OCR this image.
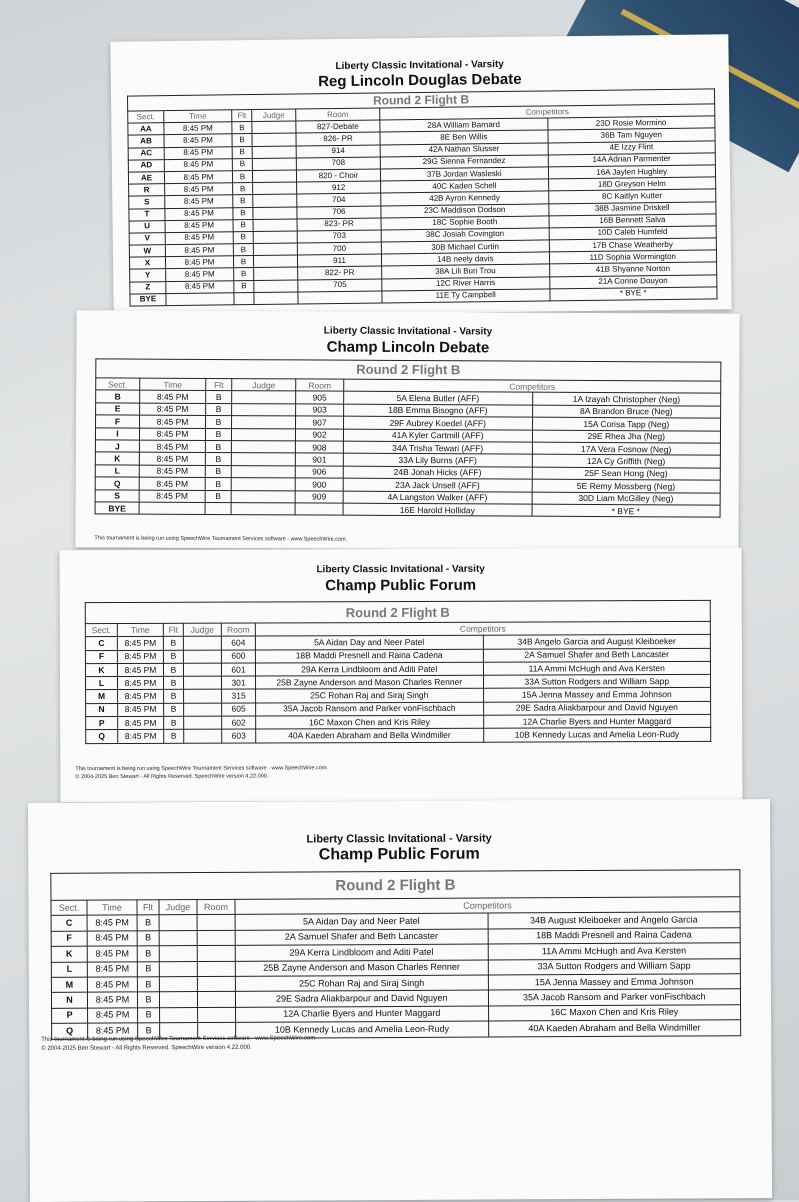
Liberty Classic Invitational - Varsity
Reg Lincoln Douglas Debate
Round 2 Flight B						
Sect.	Time	Flt	Judge	Room	Competitors	
AA	8:45 PM	B		827-Debate	28A William Barnard	23D Rosie Mormino
AB	8:45 PM	B		826- PR	8E Ben Willis	36B Tam Nguyen
AC	8:45 PM	B		914	42A Nathan Slusser	4E Izzy Flint
AD	8:45 PM	B		708	29G Sienna Fernandez	14A Adrian Parmenter
AE	8:45 PM	B		820 - Choir	37B Jordan Wasleski	16A Jaylen Hughley
R	8:45 PM	B		912	40C Kaden Schell	18D Greyson Helm
S	8:45 PM	B		704	42B Ayron Kennedy	8C Kaitlyn Kutter
T	8:45 PM	B		706	23C Maddison Dodson	38B Jasmine Driskell
U	8:45 PM	B		823- PR	18C Sophie Booth	16B Bennett Salva
V	8:45 PM	B		703	38C Josiah Covington	10D Caleb Humfeld
W	8:45 PM	B		700	30B Michael Curtin	17B Chase Weatherby
X	8:45 PM	B		911	14B neely davis	11D Sophia Wormington
Y	8:45 PM	B		822- PR	38A Lili Buri Trou	41B Shyanne Norton
Z	8:45 PM	B		705	12C River Harris	21A Corine Douyon
BYE					11E Ty Campbell	* BYE *
Liberty Classic Invitational - Varsity
Champ Lincoln Debate
Round 2 Flight B						
Sect.	Time	Flt	Judge	Room	Competitors	
B	8:45 PM	B		905	5A Elena Butler (AFF)	1A Izayah Christopher (Neg)
E	8:45 PM	B		903	18B Emma Bisogno (AFF)	8A Brandon Bruce (Neg)
F	8:45 PM	B		907	29F Aubrey Koedel (AFF)	15A Corisa Tapp (Neg)
I	8:45 PM	B		902	41A Kyler Cartmill (AFF)	29E Rhea Jha (Neg)
J	8:45 PM	B		908	34A Trisha Tewari (AFF)	17A Vera Fosnow (Neg)
K	8:45 PM	B		901	33A Lily Burns (AFF)	12A Cy Griffith (Neg)
L	8:45 PM	B		906	24B Jonah Hicks (AFF)	25F Sean Hong (Neg)
Q	8:45 PM	B		900	23A Jack Unsell (AFF)	5E Remy Mossberg (Neg)
S	8:45 PM	B		909	4A Langston Walker (AFF)	30D Liam McGilley (Neg)
BYE					16E Harold Holliday	* BYE *
This tournament is being run using SpeechWire Tournament Services software - www.SpeechWire.com.
Liberty Classic Invitational - Varsity
Champ Public Forum
Round 2 Flight B						
Sect.	Time	Flt	Judge	Room	Competitors	
C	8:45 PM	B		604	5A Aidan Day and Neer Patel	34B Angelo Garcia and August Kleiboeker
F	8:45 PM	B		600	18B Maddi Presnell and Raina Cadena	2A Samuel Shafer and Beth Lancaster
K	8:45 PM	B		601	29A Kerra Lindbloom and Aditi Patel	11A Ammi McHugh and Ava Kersten
L	8:45 PM	B		301	25B Zayne Anderson and Mason Charles Renner	33A Sutton Rodgers and William Sapp
M	8:45 PM	B		315	25C Rohan Raj and Siraj Singh	15A Jenna Massey and Emma Johnson
N	8:45 PM	B		605	35A Jacob Ransom and Parker vonFischbach	29E Sadra Aliakbarpour and David Nguyen
P	8:45 PM	B		602	16C Maxon Chen and Kris Riley	12A Charlie Byers and Hunter Maggard
Q	8:45 PM	B		603	40A Kaeden Abraham and Bella Windmiller	10B Kennedy Lucas and Amelia Leon-Rudy
This tournament is being run using SpeechWire Tournament Services software - www.SpeechWire.com.
© 2004-2025 Ben Stewart - All Rights Reserved. SpeechWire version 4.22.000.
Liberty Classic Invitational - Varsity
Champ Public Forum
Round 2 Flight B						
Sect.	Time	Flt	Judge	Room	Competitors	
C	8:45 PM	B			5A Aidan Day and Neer Patel	34B August Kleiboeker and Angelo Garcia
F	8:45 PM	B			2A Samuel Shafer and Beth Lancaster	18B Maddi Presnell and Raina Cadena
K	8:45 PM	B			29A Kerra Lindbloom and Aditi Patel	11A Ammi McHugh and Ava Kersten
L	8:45 PM	B			25B Zayne Anderson and Mason Charles Renner	33A Sutton Rodgers and William Sapp
M	8:45 PM	B			25C Rohan Raj and Siraj Singh	15A Jenna Massey and Emma Johnson
N	8:45 PM	B			29E Sadra Aliakbarpour and David Nguyen	35A Jacob Ransom and Parker vonFischbach
P	8:45 PM	B			12A Charlie Byers and Hunter Maggard	16C Maxon Chen and Kris Riley
Q	8:45 PM	B			10B Kennedy Lucas and Amelia Leon-Rudy	40A Kaeden Abraham and Bella Windmiller
This tournament is being run using SpeechWire Tournament Services software - www.SpeechWire.com.
© 2004-2025 Ben Stewart - All Rights Reserved. SpeechWire version 4.22.000.
